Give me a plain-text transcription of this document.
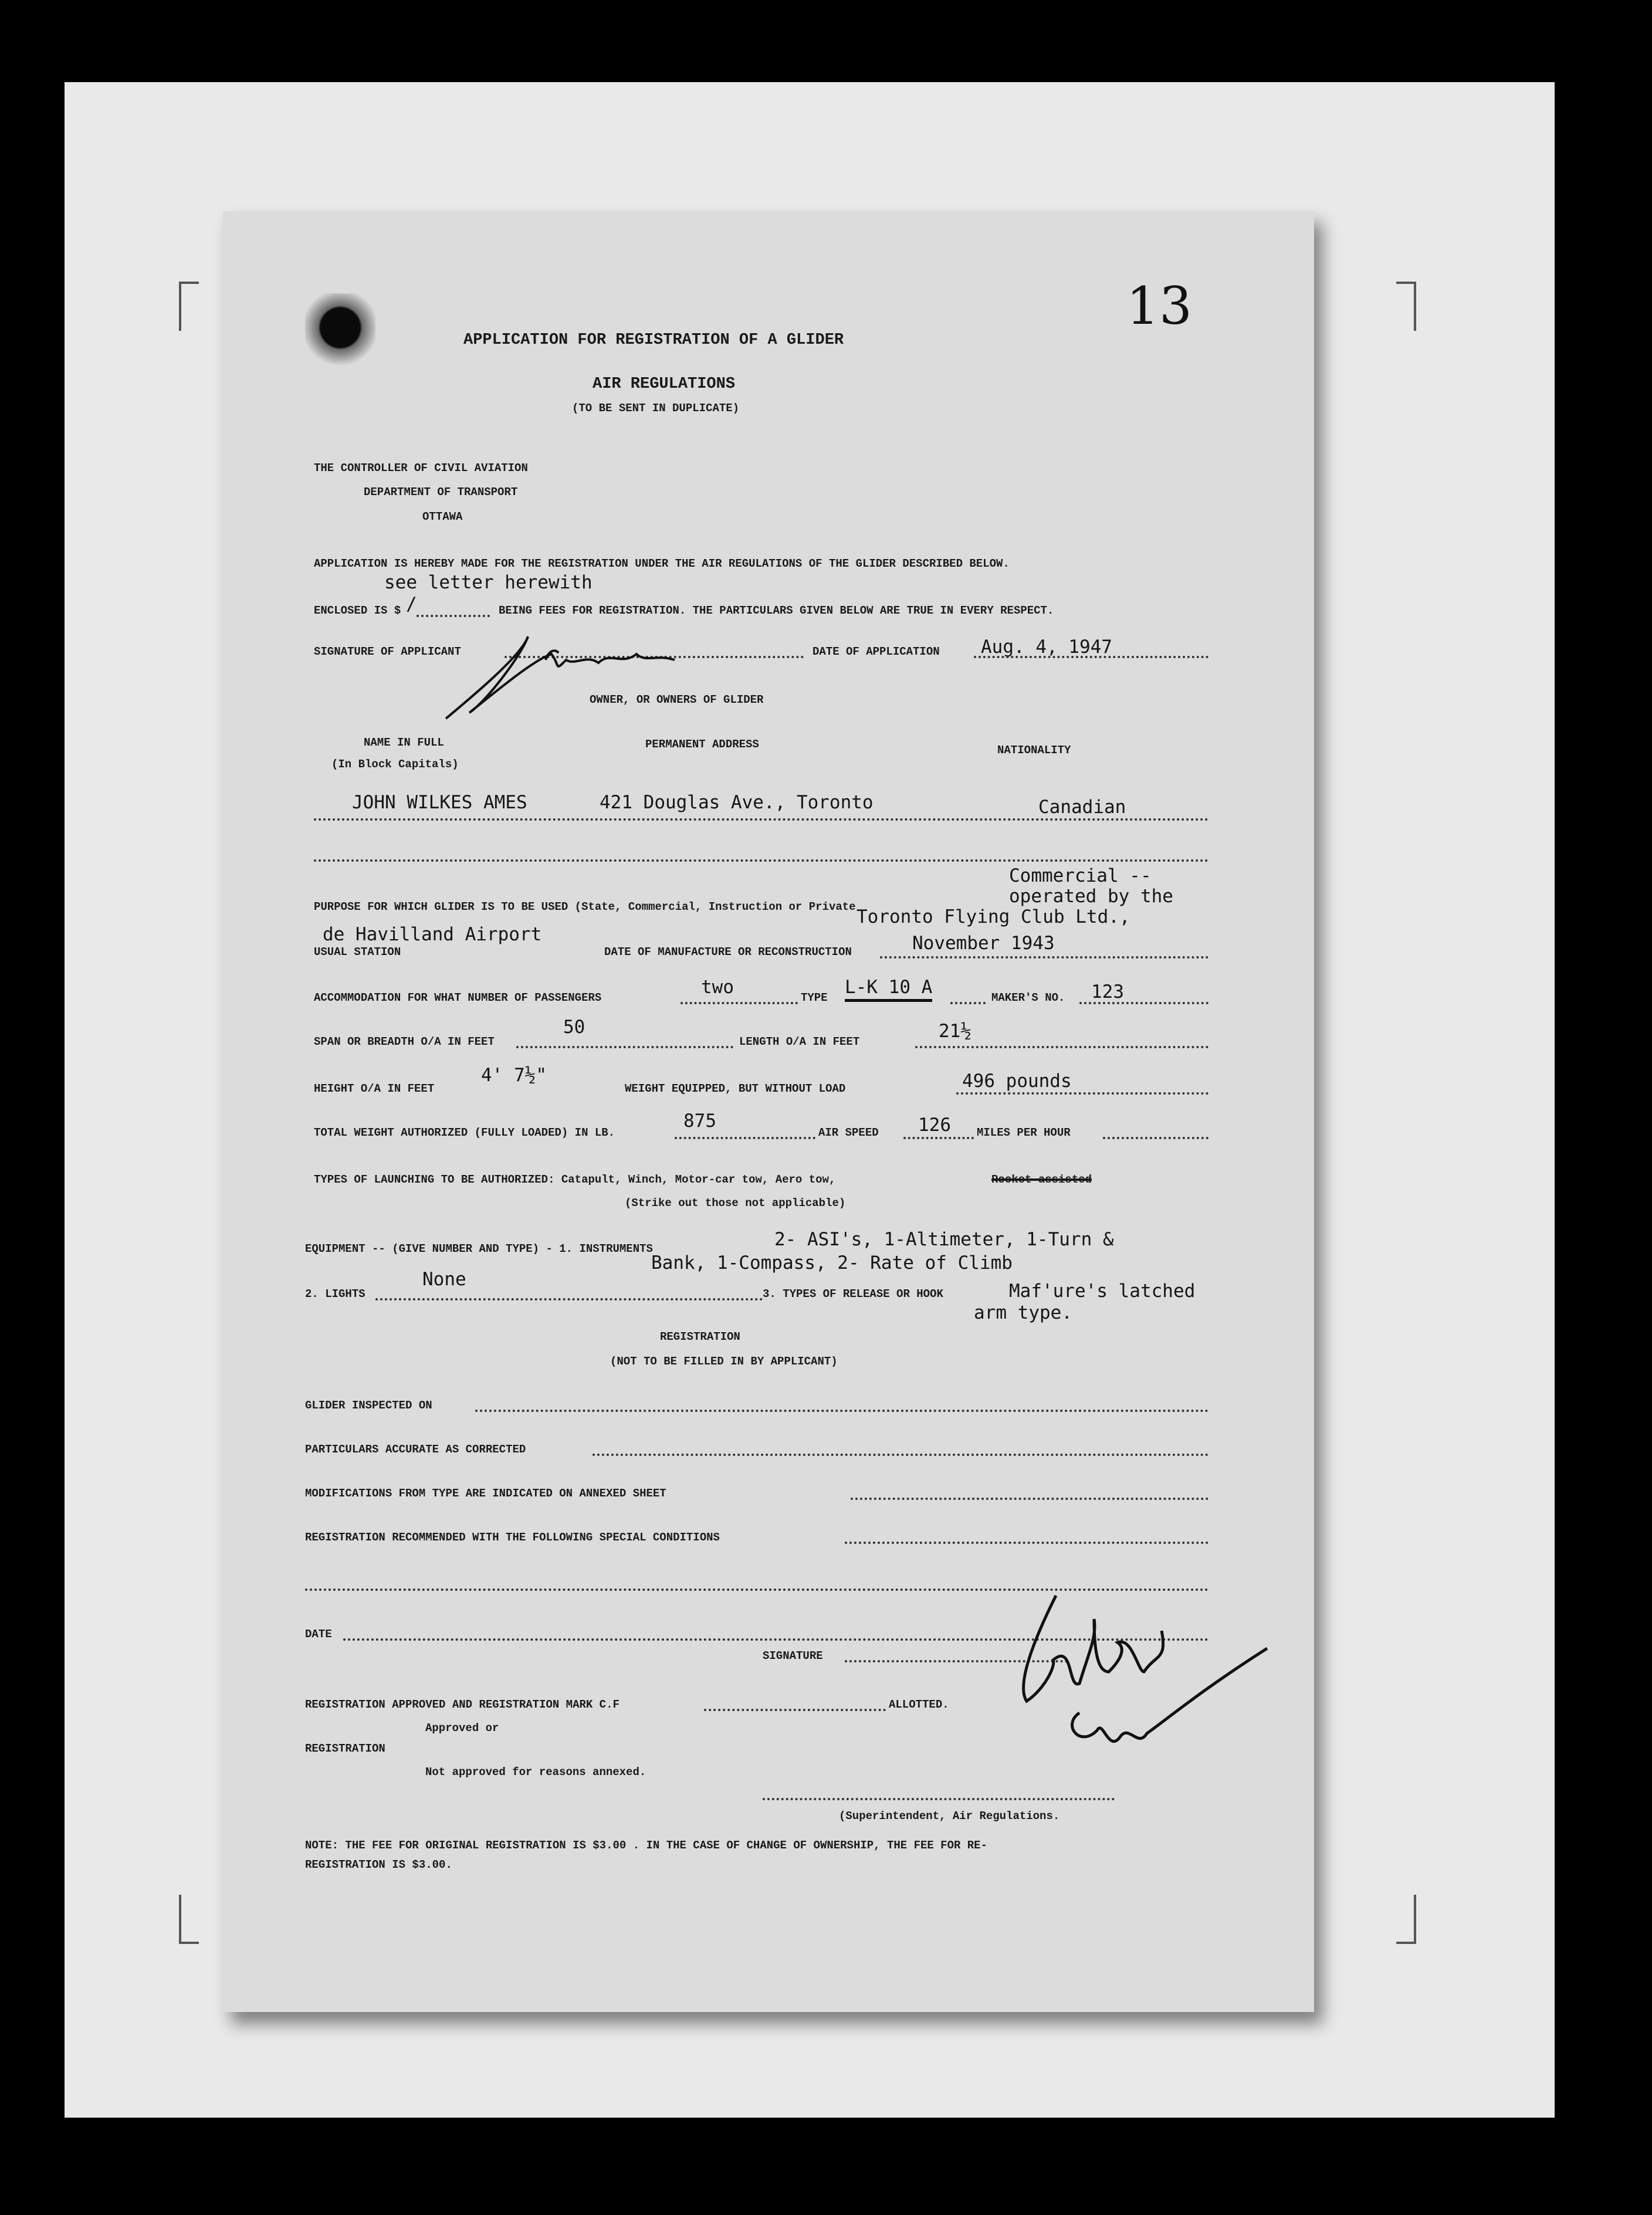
13
APPLICATION FOR REGISTRATION OF A GLIDER
AIR REGULATIONS
(TO BE SENT IN DUPLICATE)
THE CONTROLLER OF CIVIL AVIATION
DEPARTMENT OF TRANSPORT
OTTAWA
APPLICATION IS HEREBY MADE FOR THE REGISTRATION UNDER THE AIR REGULATIONS OF THE GLIDER DESCRIBED BELOW.
see letter herewith
ENCLOSED IS $ /	BEING FEES FOR REGISTRATION. THE PARTICULARS GIVEN BELOW ARE TRUE IN EVERY RESPECT.
SIGNATURE OF APPLICANT	DATE OF APPLICATION Aug. 4, 1947
OWNER, OR OWNERS OF GLIDER
NAME IN FULL
(In Block Capitals)
PERMANENT ADDRESS	NATIONALITY
JOHN WILKES AMES	421 Douglas Ave., Toronto	Canadian
Commercial --
operated by the
PURPOSE FOR WHICH GLIDER IS TO BE USED (State, Commercial, Instruction or Private Toronto Flying Club Ltd.,
de Havilland Airport
USUAL STATION	DATE OF MANUFACTURE OR RECONSTRUCTION	November 1943
ACCOMMODATION FOR WHAT NUMBER OF PASSENGERS	two	TYPE L-K 10 A	MAKER'S NO. 123
SPAN OR BREADTH O/A IN FEET
50
LENGTH O/A IN FEET	21½
HEIGHT O/A IN FEET
4' 7½"
WEIGHT EQUIPPED, BUT WITHOUT LOAD	496 pounds
TOTAL WEIGHT AUTHORIZED (FULLY LOADED) IN LB.
875
AIR SPEED 126 MILES PER HOUR
TYPES OF LAUNCHING TO BE AUTHORIZED: Catapult, Winch, Motor-car tow, Aero tow,	Rocket-assisted
(Strike out those not applicable)
2- ASI's, 1-Altimeter, 1-Turn &
EQUIPMENT -- (GIVE NUMBER AND TYPE) - 1. INSTRUMENTS
Bank, 1-Compass, 2- Rate of Climb
None
2. LIGHTS	3. TYPES OF RELEASE OR HOOK	Maf'ure's latched
arm type.
REGISTRATION
(NOT TO BE FILLED IN BY APPLICANT)
GLIDER INSPECTED ON
PARTICULARS ACCURATE AS CORRECTED
MODIFICATIONS FROM TYPE ARE INDICATED ON ANNEXED SHEET
REGISTRATION RECOMMENDED WITH THE FOLLOWING SPECIAL CONDITIONS
DATE
SIGNATURE
REGISTRATION APPROVED AND REGISTRATION MARK C.F	ALLOTTED.
Approved or
REGISTRATION
Not approved for reasons annexed.
(Superintendent, Air Regulations.
NOTE: THE FEE FOR ORIGINAL REGISTRATION IS $3.00 . IN THE CASE OF CHANGE OF OWNERSHIP, THE FEE FOR RE-
REGISTRATION IS $3.00.
